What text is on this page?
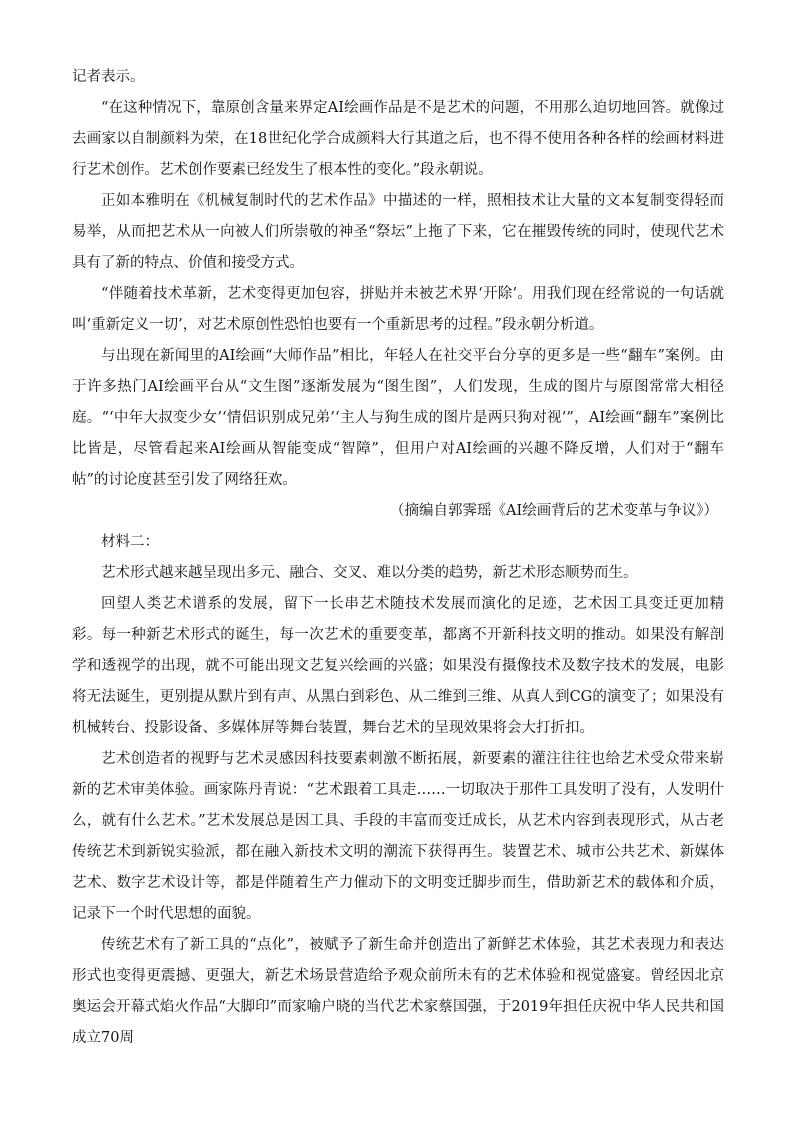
记者表示。

“在这种情况下，靠原创含量来界定AI绘画作品是不是艺术的问题，不用那么迫切地回答。就像过去画家以自制颜料为荣，在18世纪化学合成颜料大行其道之后，也不得不使用各种各样的绘画材料进行艺术创作。艺术创作要素已经发生了根本性的变化。”段永朝说。

正如本雅明在《机械复制时代的艺术作品》中描述的一样，照相技术让大量的文本复制变得轻而易举，从而把艺术从一向被人们所崇敬的神圣“祭坛”上拖了下来，它在摧毁传统的同时，使现代艺术具有了新的特点、价值和接受方式。

“伴随着技术革新，艺术变得更加包容，拼贴并未被艺术界‘开除’。用我们现在经常说的一句话就叫‘重新定义一切’，对艺术原创性恐怕也要有一个重新思考的过程。”段永朝分析道。

与出现在新闻里的AI绘画“大师作品”相比，年轻人在社交平台分享的更多是一些“翻车”案例。由于许多热门AI绘画平台从“文生图”逐渐发展为“图生图”，人们发现，生成的图片与原图常常大相径庭。“‘中年大叔变少女’‘情侣识别成兄弟’‘主人与狗生成的图片是两只狗对视’”，AI绘画“翻车”案例比比皆是，尽管看起来AI绘画从智能变成“智障”，但用户对AI绘画的兴趣不降反增，人们对于“翻车帖”的讨论度甚至引发了网络狂欢。

（摘编自郭霁瑶《AI绘画背后的艺术变革与争议》）

材料二：

艺术形式越来越呈现出多元、融合、交叉、难以分类的趋势，新艺术形态顺势而生。

回望人类艺术谱系的发展，留下一长串艺术随技术发展而演化的足迹，艺术因工具变迁更加精彩。每一种新艺术形式的诞生，每一次艺术的重要变革，都离不开新科技文明的推动。如果没有解剖学和透视学的出现，就不可能出现文艺复兴绘画的兴盛；如果没有摄像技术及数字技术的发展，电影将无法诞生，更别提从默片到有声、从黑白到彩色、从二维到三维、从真人到CG的演变了；如果没有机械转台、投影设备、多媒体屏等舞台装置，舞台艺术的呈现效果将会大打折扣。

艺术创造者的视野与艺术灵感因科技要素刺激不断拓展，新要素的灌注往往也给艺术受众带来崭新的艺术审美体验。画家陈丹青说：“艺术跟着工具走……一切取决于那件工具发明了没有，人发明什么，就有什么艺术。”艺术发展总是因工具、手段的丰富而变迁成长，从艺术内容到表现形式，从古老传统艺术到新锐实验派，都在融入新技术文明的潮流下获得再生。装置艺术、城市公共艺术、新媒体艺术、数字艺术设计等，都是伴随着生产力催动下的文明变迁脚步而生，借助新艺术的载体和介质，记录下一个时代思想的面貌。

传统艺术有了新工具的“点化”，被赋予了新生命并创造出了新鲜艺术体验，其艺术表现力和表达形式也变得更震撼、更强大，新艺术场景营造给予观众前所未有的艺术体验和视觉盛宴。曾经因北京奥运会开幕式焰火作品“大脚印”而家喻户晓的当代艺术家蔡国强，于2019年担任庆祝中华人民共和国成立70周
